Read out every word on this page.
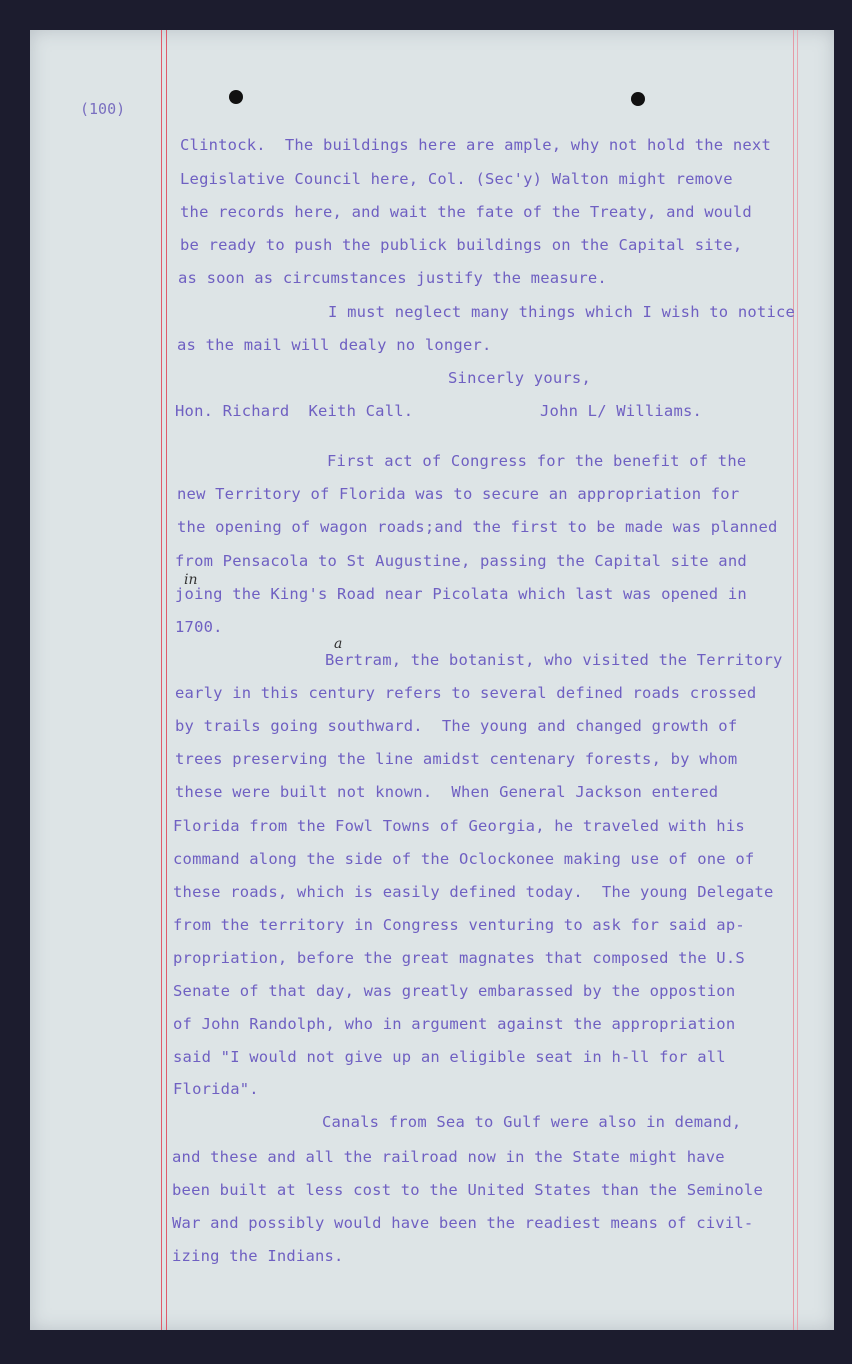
(100)
Clintock.  The buildings here are ample, why not hold the next
Legislative Council here, Col. (Sec'y) Walton might remove
the records here, and wait the fate of the Treaty, and would
be ready to push the publick buildings on the Capital site,
as soon as circumstances justify the measure.
I must neglect many things which I wish to notice
as the mail will dealy no longer.
Sincerly yours,
Hon. Richard  Keith Call.	John L/ Williams.
First act of Congress for the benefit of the
new Territory of Florida was to secure an appropriation for
the opening of wagon roads;and the first to be made was planned
from Pensacola to St Augustine, passing the Capital site and
joing the King's Road near Picolata which last was opened in
in
1700.
Bertram, the botanist, who visited the Territory
a
early in this century refers to several defined roads crossed
by trails going southward.  The young and changed growth of
trees preserving the line amidst centenary forests, by whom
these were built not known.  When General Jackson entered
Florida from the Fowl Towns of Georgia, he traveled with his
command along the side of the Oclockonee making use of one of
these roads, which is easily defined today.  The young Delegate
from the territory in Congress venturing to ask for said ap-
propriation, before the great magnates that composed the U.S
Senate of that day, was greatly embarassed by the oppostion
of John Randolph, who in argument against the appropriation
said "I would not give up an eligible seat in h-ll for all
Florida".
Canals from Sea to Gulf were also in demand,
and these and all the railroad now in the State might have
been built at less cost to the United States than the Seminole
War and possibly would have been the readiest means of civil-
izing the Indians.
